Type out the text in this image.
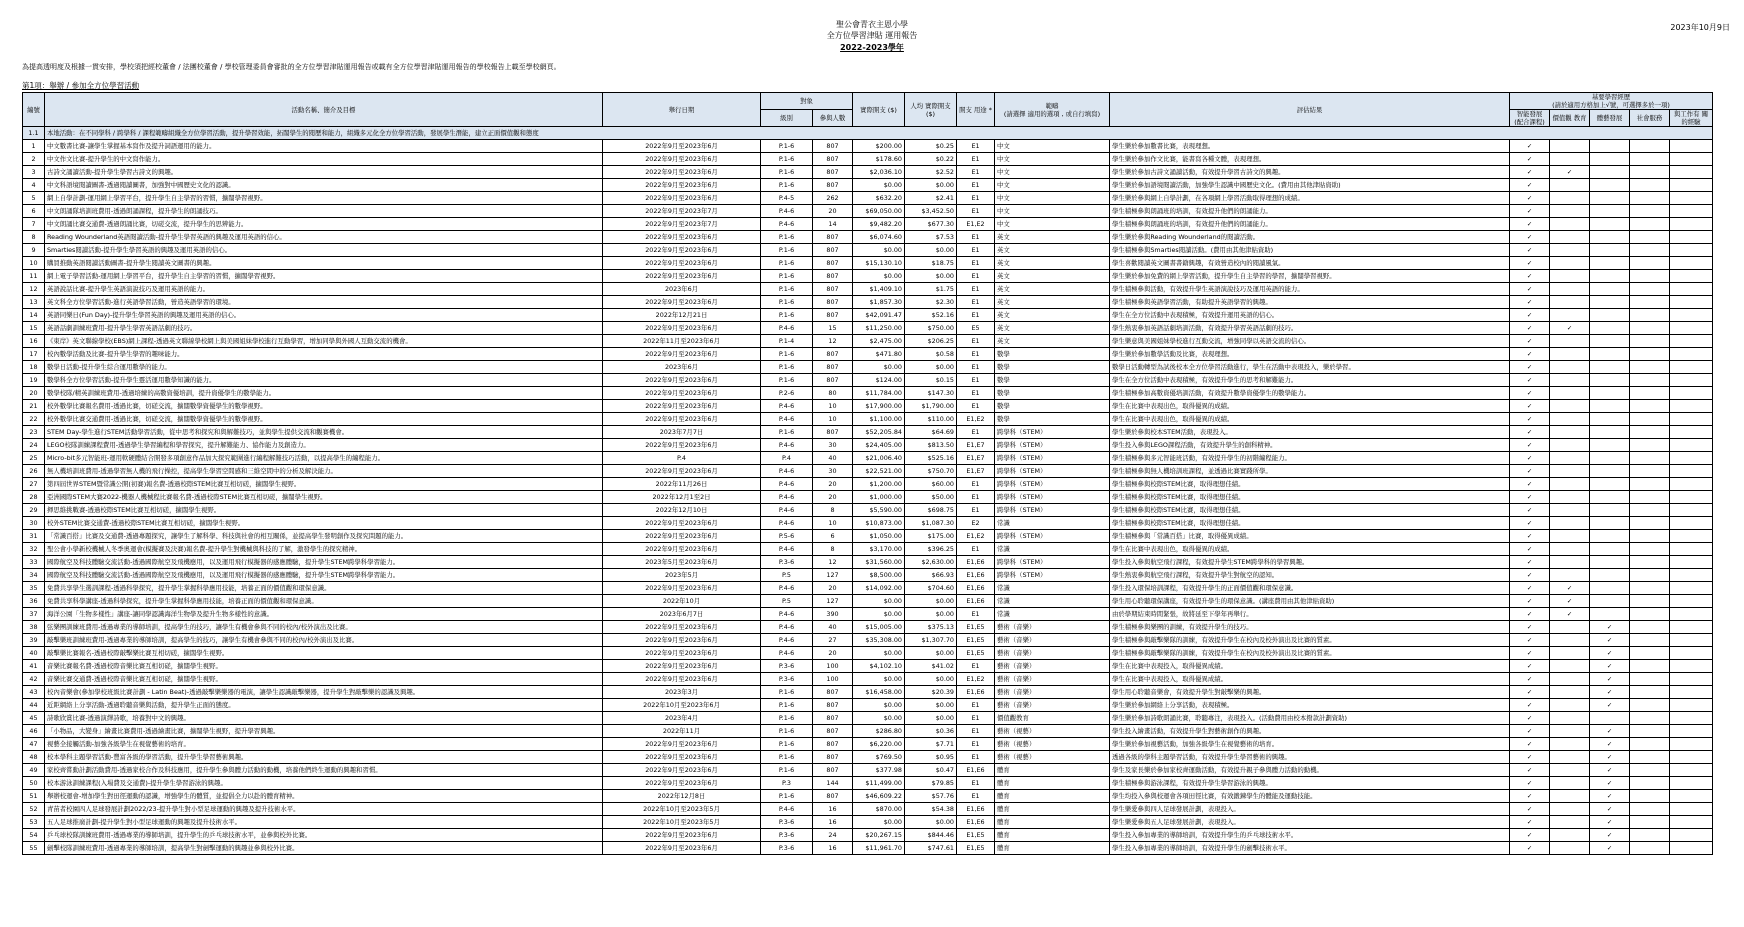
聖公會青衣主恩小學
全方位學習津貼 運用報告
2022-2023學年
2023年10月9日
為提高透明度及根據一貫安排，學校須把經校董會 / 法團校董會 / 學校管理委員會審批的全方位學習津貼運用報告或載有全方位學習津貼運用報告的學校報告上載至學校網頁。
第1項：舉辦 / 參加全方位學習活動
編號	活動名稱、簡介及目標	舉行日期	對象		實際開支 ($)	人均 實際開支 ($)	開支 用途 *	範疇
(請選擇 適用的選項 , 或自行填寫)	評估結果	基要學習經歷
(請於適用方格加上√號，可選擇多於一項)				
			級別	參與人數						智能發展 (配合課程)	價值觀 教育	體藝發展	社會服務	與工作有 關的經驗
1.1	本地活動：在不同學科 / 跨學科 / 課程範疇組織全方位學習活動，提升學習效能，拓闊學生的閱歷和能力，組織多元化全方位學習活動，發展學生潛能，建立正面價值觀和態度													
1	中文數書比賽-讓學生掌握基本寫作及提升詞語運用的能力。	2022年9月至2023年6月	P.1-6	807	$200.00	$0.25	E1	中文	學生樂於參加數書比賽，表現理想。	✓				
2	中文作文比賽-提升學生的中文寫作能力。	2022年9月至2023年6月	P.1-6	807	$178.60	$0.22	E1	中文	學生樂於參加作文比賽，能書寫各種文體，表現理想。	✓				
3	古詩文誦讀活動-提升學生學習古詩文的興趣。	2022年9月至2023年6月	P.1-6	807	$2,036.10	$2.52	E1	中文	學生樂於參加古詩文誦讀活動，有效提升學習古詩文的興趣。	✓	✓			
4	中文科語境閱讀圖書-透過閱讀圖書，加強對中國歷史文化的認識。	2022年9月至2023年6月	P.1-6	807	$0.00	$0.00	E1	中文	學生樂於參加語境閱讀活動，加強學生認識中國歷史文化。(費用由其他津貼資助)	✓				
5	網上自學計劃-運用網上學習平台，提升學生自主學習的習慣，擴闊學習視野。	2022年9月至2023年6月	P.4-5	262	$632.20	$2.41	E1	中文	學生樂於參與網上自學計劃，在各項網上學習活動取得理想的成績。	✓				
6	中文朗誦隊培訓班費用-透過朗誦課程，提升學生的朗誦技巧。	2022年9月至2023年7月	P.4-6	20	$69,050.00	$3,452.50	E1	中文	學生積極參與朗誦班的培訓，有效提升他們的朗誦能力。	✓				
7	中文朗誦比賽交通費-透過朗誦比賽，切磋交流，提升學生的思辨能力。	2022年9月至2023年7月	P.4-6	14	$9,482.20	$677.30	E1,E2	中文	學生積極參與朗誦班的培訓，有效提升他們的朗誦能力。	✓				
8	Reading Wounderland英語閱讀活動-提升學生學習英語的興趣及運用英語的信心。	2022年9月至2023年6月	P.1-6	807	$6,074.60	$7.53	E1	英文	學生樂於參與Reading Wounderland的閱讀活動。	✓				
9	Smarties閱讀活動-提升學生學習英語的興趣及運用英語的信心。	2022年9月至2023年6月	P.1-6	807	$0.00	$0.00	E1	英文	學生積極參與Smarties閱讀活動。(費用由其他津貼資助)	✓				
10	購買推動英語閱讀活動圖書-提升學生閱讀英文圖書的興趣。	2022年9月至2023年6月	P.1-6	807	$15,130.10	$18.75	E1	英文	學生喜歡閱讀英文圖書書籍興趣，有效營造校內的閱讀風氣。	✓				
11	網上電子學習活動-運用網上學習平台，提升學生自主學習的習慣，擴闊學習視野。	2022年9月至2023年6月	P.1-6	807	$0.00	$0.00	E1	英文	學生樂於參加免費的網上學習活動，提升學生自主學習的學習，擴闊學習視野。	✓				
12	英語說話比賽-提升學生英語演說技巧及運用英語的能力。	2023年6月	P.1-6	807	$1,409.10	$1.75	E1	英文	學生積極參與活動，有效提升學生英語演說技巧及運用英語的能力。	✓				
13	英文科全方位學習活動-進行英語學習活動，營造英語學習的環境。	2022年9月至2023年6月	P.1-6	807	$1,857.30	$2.30	E1	英文	學生積極參與英語學習活動，有助提升英語學習的興趣。	✓				
14	英語同樂日(Fun Day)-提升學生學習英語的興趣及運用英語的信心。	2022年12月21日	P.1-6	807	$42,091.47	$52.16	E1	英文	學生在全方位活動中表現積極，有效提升運用英語的信心。	✓				
15	英語話劇訓練班費用-提升學生學習英語話劇的技巧。	2022年9月至2023年6月	P.4-6	15	$11,250.00	$750.00	E5	英文	學生熱衷參加英語話劇培訓活動，有效提升學習英語話劇的技巧。	✓	✓			
16	《東岸》英文聯線學校(EBS)網上課程-透過英文聯線學校網上與美國姐妹學校進行互動學習，增加同學與外國人互動交流的機會。	2022年11月至2023年6月	P.1-4	12	$2,475.00	$206.25	E1	英文	學生樂意與美國姐妹學校進行互動交流，增強同學以英語交流的信心。	✓				
17	校內數學活動及比賽-提升學生學習的趣味能力。	2022年9月至2023年6月	P.1-6	807	$471.80	$0.58	E1	數學	學生樂於參加數學活動及比賽，表現理想。	✓				
18	數學日活動-提升學生綜合運用數學的能力。	2023年6月	P.1-6	807	$0.00	$0.00	E1	數學	數學日活動轉型為試後校本全方位學習活動進行，學生在活動中表現投入，樂於學習。	✓				
19	數學科全方位學習活動-提升學生靈活運用數學知識的能力。	2022年9月至2023年6月	P.1-6	807	$124.00	$0.15	E1	數學	學生在全方位活動中表現積極，有效提升學生的思考和解難能力。	✓				
20	數學校隊/精英訓練班費用-透過培練的高數資優培訓，提升資優學生的數學能力。	2022年9月至2023年6月	P.2-6	80	$11,784.00	$147.30	E1	數學	學生積極參加高數資優培訓活動，有效提升數學資優學生的數學能力。	✓				
21	校外數學比賽報名費用-透過比賽，切磋交流，擴闊數學資優學生的數學視野。	2022年9月至2023年6月	P.4-6	10	$17,900.00	$1,790.00	E1	數學	學生在比賽中表現出色，取得優異的成績。	✓				
22	校外數學比賽交通費用-透過比賽，切磋交流，擴闊數學資優學生的數學視野。	2022年9月至2023年6月	P.4-6	10	$1,100.00	$110.00	E1,E2	數學	學生在比賽中表現出色，取得優異的成績。	✓				
23	STEM Day-學生進行STEM活動學習活動，從中思考和探究和與解難技巧，並與學生提供交流和觀賽機會。	2023年7月7日	P.1-6	807	$52,205.84	$64.69	E1	跨學科（STEM）	學生樂於參與校本STEM活動，表現投入。	✓				
24	LEGO校隊訓練課程費用-透過學生學習編程和學習探究，提升解難能力、協作能力及創造力。	2022年9月至2023年6月	P.4-6	30	$24,405.00	$813.50	E1,E7	跨學科（STEM）	學生投入參與LEGO課程活動，有效提升學生的創科精神。	✓				
25	Micro-bit多元智能班-運用軟硬體結合開發多項創意作品加大探究範圍進行編程解難技巧活動，以提高學生的編程能力。	P.4	P.4	40	$21,006.40	$525.16	E1,E7	跨學科（STEM）	學生積極參與多元智能班活動，有效提升學生的初階編程能力。	✓				
26	無人機培訓班費用-透過學習無人機的飛行操控，提高學生學習空間感和三維空間中的分析及解決能力。	2022年9月至2023年6月	P.4-6	30	$22,521.00	$750.70	E1,E7	跨學科（STEM）	學生積極參與無人機培訓班課程，並透過比賽實踐所學。	✓				
27	第四屆世界STEM暨常識公開(初賽)報名費-透過校際STEM比賽互相切磋，擴闊學生視野。	2022年11月26日	P.4-6	20	$1,200.00	$60.00	E1	跨學科（STEM）	學生積極參與校際STEM比賽，取得理想佳績。	✓				
28	亞洲國際STEM大賽2022-機器人機械程比賽報名費-透過校際STEM比賽互相切磋，擴闊學生視野。	2022年12月1至2日	P.4-6	20	$1,000.00	$50.00	E1	跨學科（STEM）	學生積極參與校際STEM比賽，取得理想佳績。	✓				
29	揮思維挑戰賽-透過校際STEM比賽互相切磋，擴闊學生視野。	2022年12月10日	P.4-6	8	$5,590.00	$698.75	E1	跨學科（STEM）	學生積極參與校際STEM比賽，取得理想佳績。	✓				
30	校外STEM比賽交通費-透過校際STEM比賽互相切磋，擴闊學生視野。	2022年9月至2023年6月	P.4-6	10	$10,873.00	$1,087.30	E2	常識	學生積極參與校際STEM比賽，取得理想佳績。	✓				
31	「常識百搭」比賽及交通費-透過專題探究，讓學生了解科學、科技與社會的相互關係，並提高學生發明創作及探究問題的能力。	2022年9月至2023年6月	P.5-6	6	$1,050.00	$175.00	E1,E2	跨學科（STEM）	學生積極參與「常識百搭」比賽，取得優異成績。	✓				
32	聖公會小學新校機械人冬季奧運會(模擬賽及決賽)報名費-提升學生對機械與科技的了解，激發學生的探究精神。	2022年9月至2023年6月	P.4-6	8	$3,170.00	$396.25	E1	常識	學生在比賽中表現出色，取得優異的成績。	✓				
33	國際航空及科技體驗交流活動-透過國際航空及飛機應用，以及運用飛行模擬器的感應體驗，提升學生STEM跨學科學習能力。	2023年5月至2023年6月	P.3-6	12	$31,560.00	$2,630.00	E1,E6	跨學科（STEM）	學生投入參與航空飛行課程，有效提升學生STEM跨學科的學習興趣。	✓				
34	國際航空及科技體驗交流活動-透過國際航空及飛機應用，以及運用飛行模擬器的感應體驗，提升學生STEM跨學科學習能力。	2023年5月	P.5	127	$8,500.00	$66.93	E1,E6	跨學科（STEM）	學生熱衷參與航空飛行課程，有效提升學生對航空的認知。	✓				
35	免費共享學生選訓課程-透過科學探究，提升學生掌握科學應用技能，培養正面的價值觀和環保意識。	2022年9月至2023年6月	P.4-6	20	$14,092.00	$704.60	E1,E6	常識	學生投入環保培訓課程，有效提升學生的正面價值觀和環保意識。	✓	✓			
36	免費共享科學講座-透過科學探究，提升學生掌握科學應用技能，培養正面的價值觀和環保意識。	2022年10月	P.5	127	$0.00	$0.00	E1,E6	常識	學生用心聆聽環保講座，有效提升學生的環保意識。(講座費用由其他津貼資助)	✓	✓			
37	海洋公園「生物多樣性」講座-讓同學認識海洋生物學及提升生物多樣性的意識。	2023年6月7日	P.4-6	390	$0.00	$0.00	E1	常識	由於學期結束時間緊張，故將延至下學年再舉行。	✓	✓			
38	弦樂團訓練班費用-透過專業的導師培訓，提高學生的技巧，讓學生有機會參與不同的校內/校外演出及比賽。	2022年9月至2023年6月	P.4-6	40	$15,005.00	$375.13	E1,E5	藝術（音樂）	學生積極參與樂團的訓練，有效提升學生的技巧。	✓		✓		
39	敲擊樂班訓練班費用-透過專業的導師培訓，提高學生的技巧，讓學生有機會參與不同的校內/校外演出及比賽。	2022年9月至2023年6月	P.4-6	27	$35,308.00	$1,307.70	E1,E5	藝術（音樂）	學生積極參與敲擊樂隊的訓練，有效提升學生在校內及校外演出及比賽的質素。	✓		✓		
40	敲擊樂比賽報名-透過校際敲擊樂比賽互相切磋，擴闊學生視野。	2022年9月至2023年6月	P.4-6	20	$0.00	$0.00	E1,E5	藝術（音樂）	學生積極參與敲擊樂隊的訓練，有效提升學生在校內及校外演出及比賽的質素。	✓		✓		
41	音樂比賽報名費-透過校際音樂比賽互相切磋，擴闊學生視野。	2022年9月至2023年6月	P.3-6	100	$4,102.10	$41.02	E1	藝術（音樂）	學生在比賽中表現投入，取得優異成績。	✓		✓		
42	音樂比賽交通費-透過校際音樂比賽互相切磋，擴闊學生視野。	2022年9月至2023年6月	P.3-6	100	$0.00	$0.00	E1,E2	藝術（音樂）	學生在比賽中表現投入，取得優異成績。	✓		✓		
43	校內音樂會(參加學校班級比賽計劃 - Latin Beat)-透過敲擊樂樂器的電演，讓學生認識敲擊樂器，提升學生對敲擊樂的認識及興趣。	2023年3月	P.1-6	807	$16,458.00	$20.39	E1,E6	藝術（音樂）	學生用心聆聽音樂會，有效提升學生對敲擊樂的興趣。	✓		✓		
44	近距網絡上分享活動-透過聆聽音樂與活動，提升學生正面的態度。	2022年10月至2023年6月	P.1-6	807	$0.00	$0.00	E1	藝術（音樂）	學生樂於參加網絡上分享活動，表現積極。	✓		✓		
45	詩歌欣賞比賽-透過演繹詩歌，培養對中文的興趣。	2023年4月	P.1-6	807	$0.00	$0.00	E1	價值觀教育	學生樂於參加詩歌朗誦比賽，聆聽專注，表現投入。(活動費用由校本撥款計劃資助)	✓				
46	「小物品，大變身」繪畫比賽費用-透過繪畫比賽，擴闊學生視野，提升學習興趣。	2022年11月	P.1-6	807	$286.80	$0.36	E1	藝術（視藝）	學生投入繪畫活動，有效提升學生對藝術創作的興趣。	✓		✓		
47	視藝全接觸活動-加強各級學生在視覺藝術的培育。	2022年9月至2023年6月	P.1-6	807	$6,220.00	$7.71	E1	藝術（視藝）	學生樂於參加視藝活動，加強各級學生在視覺藝術的培育。	✓		✓		
48	校本學科主題學習活動-豐富各級的學習活動，提升學生學習藝術興趣。	2022年9月至2023年6月	P.1-6	807	$769.50	$0.95	E1	藝術（視藝）	透過各級的學科主題學習活動，有效提升學生學習藝術的興趣。	✓		✓		
49	家校齊嘗動計劃活動費用-透過家校合作及科技應用，提升學生參與體力活動的動機，培養他們終生運動的興趣和習慣。	2022年9月至2023年6月	P.1-6	807	$377.98	$0.47	E1,E6	體育	學生及家長樂於參加家校齊運動活動，有效提升親子參與體力活動的動機。	✓		✓		
50	校本游泳訓練課程(入場費及交通費)-提升學生學習游泳的興趣。	2022年9月至2023年6月	P.3	144	$11,499.00	$79.85	E1	體育	學生積極參與游泳課程，有效提升學生學習游泳的興趣。	✓		✓		
51	舉辦校運會-增加學生對田徑運動的認識，增強學生的體質，並提倡全力以赴的體育精神。	2022年12月8日	P.1-6	807	$46,609.22	$57.76	E1	體育	學生均投入參與校運會各項田徑比賽，有效鍛鍊學生的體能及運動技能。	✓		✓		
52	青苗者校園四人足球發展計劃2022/23-提升學生對小型足球運動的興趣及提升技術水平。	2022年10月至2023年5月	P.4-6	16	$870.00	$54.38	E1,E6	體育	學生樂愛參與四人足球發展計劃，表現投入。	✓		✓		
53	五人足球推廣計劃-提升學生對小型足球運動的興趣及提升技術水平。	2022年10月至2023年5月	P.3-6	16	$0.00	$0.00	E1,E6	體育	學生樂愛參與五人足球發展計劃，表現投入。	✓		✓		
54	乒乓球校隊訓練班費用-透過專業的導師培訓，提升學生的乒乓球技術水平，並參與校外比賽。	2022年9月至2023年6月	P.3-6	24	$20,267.15	$844.46	E1,E5	體育	學生投入參加專業的導師培訓，有效提升學生的乒乓球技術水平。	✓		✓		
55	劍擊校隊訓練班費用-透過專業的導師培訓，提高學生對劍擊運動的興趣並參與校外比賽。	2022年9月至2023年6月	P.3-6	16	$11,961.70	$747.61	E1,E5	體育	學生投入參加專業的導師培訓，有效提升學生的劍擊技術水平。	✓		✓		
